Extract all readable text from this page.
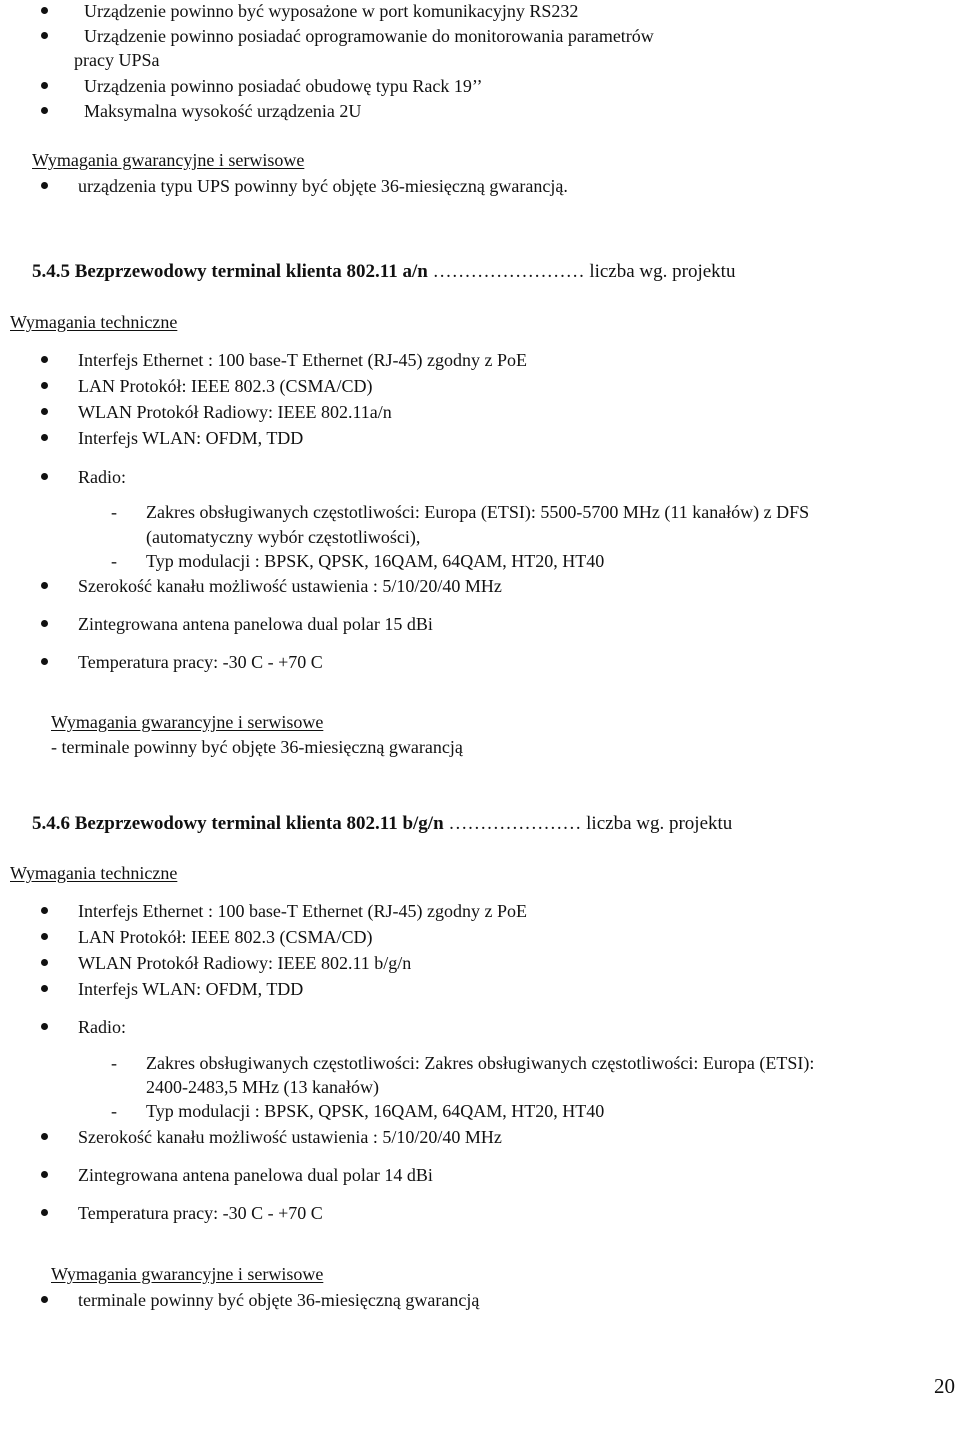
Urządzenie powinno być wyposażone w port komunikacyjny RS232
Urządzenie powinno posiadać oprogramowanie do monitorowania parametrów
pracy UPSa
Urządzenia powinno posiadać obudowę typu Rack 19’’
Maksymalna wysokość urządzenia 2U
Wymagania gwarancyjne i serwisowe
urządzenia typu UPS powinny być objęte 36-miesięczną gwarancją.
5.4.5 Bezprzewodowy terminal klienta 802.11 a/n …………………… liczba wg. projektu
Wymagania techniczne
Interfejs Ethernet : 100 base-T Ethernet (RJ-45) zgodny z PoE
LAN Protokół: IEEE 802.3 (CSMA/CD)
WLAN Protokół Radiowy: IEEE 802.11a/n
Interfejs WLAN: OFDM, TDD
Radio:
- Zakres obsługiwanych częstotliwości: Europa (ETSI): 5500-5700 MHz (11 kanałów) z DFS
(automatyczny wybór częstotliwości),
- Typ modulacji : BPSK, QPSK, 16QAM, 64QAM, HT20, HT40
Szerokość kanału możliwość ustawienia : 5/10/20/40 MHz
Zintegrowana antena panelowa dual polar 15 dBi
Temperatura pracy: -30 C - +70 C
Wymagania gwarancyjne i serwisowe
- terminale powinny być objęte 36-miesięczną gwarancją
5.4.6 Bezprzewodowy terminal klienta 802.11 b/g/n ………………… liczba wg. projektu
Wymagania techniczne
Interfejs Ethernet : 100 base-T Ethernet (RJ-45) zgodny z PoE
LAN Protokół: IEEE 802.3 (CSMA/CD)
WLAN Protokół Radiowy: IEEE 802.11 b/g/n
Interfejs WLAN: OFDM, TDD
Radio:
- Zakres obsługiwanych częstotliwości: Zakres obsługiwanych częstotliwości: Europa (ETSI):
2400-2483,5 MHz (13 kanałów)
- Typ modulacji : BPSK, QPSK, 16QAM, 64QAM, HT20, HT40
Szerokość kanału możliwość ustawienia : 5/10/20/40 MHz
Zintegrowana antena panelowa dual polar 14 dBi
Temperatura pracy: -30 C - +70 C
Wymagania gwarancyjne i serwisowe
terminale powinny być objęte 36-miesięczną gwarancją
20
